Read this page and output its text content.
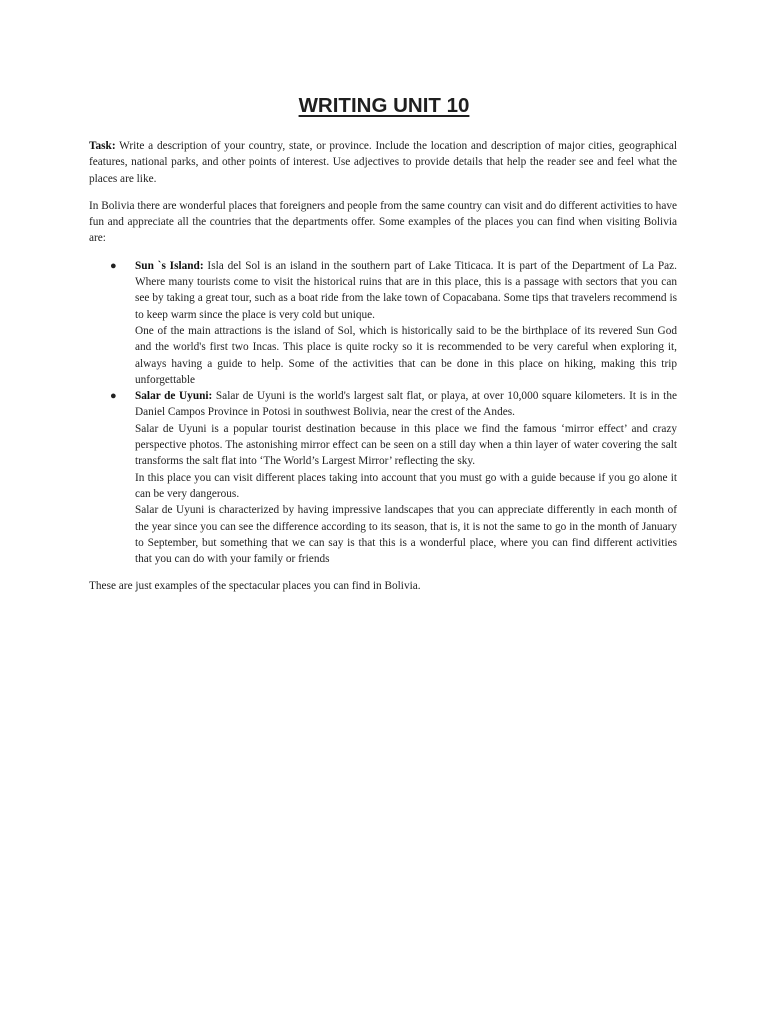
WRITING UNIT 10

Task: Write a description of your country, state, or province. Include the location and description of major cities, geographical features, national parks, and other points of interest. Use adjectives to provide details that help the reader see and feel what the places are like.

In Bolivia there are wonderful places that foreigners and people from the same country can visit and do different activities to have fun and appreciate all the countries that the departments offer. Some examples of the places you can find when visiting Bolivia are:

● Sun `s Island: Isla del Sol is an island in the southern part of Lake Titicaca. It is part of the Department of La Paz. Where many tourists come to visit the historical ruins that are in this place, this is a passage with sectors that you can see by taking a great tour, such as a boat ride from the lake town of Copacabana. Some tips that travelers recommend is to keep warm since the place is very cold but unique.

One of the main attractions is the island of Sol, which is historically said to be the birthplace of its revered Sun God and the world's first two Incas. This place is quite rocky so it is recommended to be very careful when exploring it, always having a guide to help. Some of the activities that can be done in this place on hiking, making this trip unforgettable

● Salar de Uyuni: Salar de Uyuni is the world's largest salt flat, or playa, at over 10,000 square kilometers. It is in the Daniel Campos Province in Potosi in southwest Bolivia, near the crest of the Andes.

Salar de Uyuni is a popular tourist destination because in this place we find the famous ‘mirror effect’ and crazy perspective photos. The astonishing mirror effect can be seen on a still day when a thin layer of water covering the salt transforms the salt flat into ‘The World’s Largest Mirror’ reflecting the sky.

In this place you can visit different places taking into account that you must go with a guide because if you go alone it can be very dangerous.

Salar de Uyuni is characterized by having impressive landscapes that you can appreciate differently in each month of the year since you can see the difference according to its season, that is, it is not the same to go in the month of January to September, but something that we can say is that this is a wonderful place, where you can find different activities that you can do with your family or friends

These are just examples of the spectacular places you can find in Bolivia.
